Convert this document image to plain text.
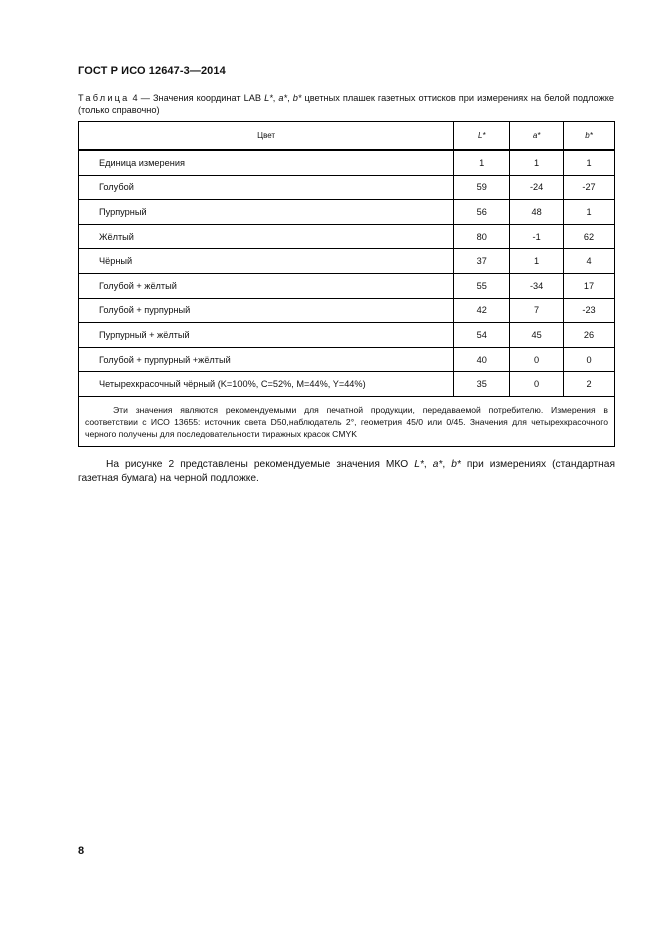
ГОСТ Р ИСО 12647-3—2014
Таблица 4 — Значения координат LAB L*, a*, b* цветных плашек газетных оттисков при измерениях на белой подложке (только справочно)
Цвет	L*	a*	b*
Единица измерения	1	1	1
Голубой	59	-24	-27
Пурпурный	56	48	1
Жёлтый	80	-1	62
Чёрный	37	1	4
Голубой + жёлтый	55	-34	17
Голубой + пурпурный	42	7	-23
Пурпурный + жёлтый	54	45	26
Голубой + пурпурный +жёлтый	40	0	0
Четырехкрасочный чёрный (K=100%, C=52%, M=44%, Y=44%)	35	0	2
Эти значения являются рекомендуемыми для печатной продукции, передаваемой потребителю. Измерения в соответствии с ИСО 13655: источник света D50,наблюдатель 2°, геометрия 45/0 или 0/45. Значения для четырехкрасочного черного получены для последовательности тиражных красок CMYK			
На рисунке 2 представлены рекомендуемые значения МКО L*, a*, b* при измерениях (стандартная газетная бумага) на черной подложке.
8
